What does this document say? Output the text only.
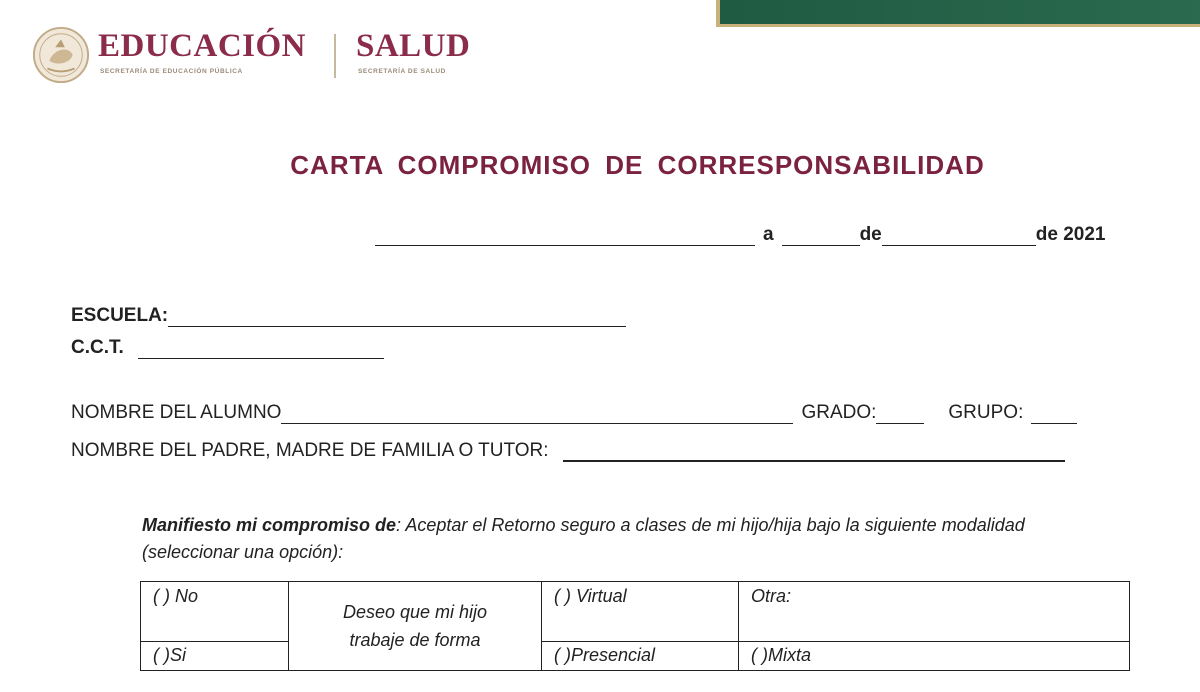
EDUCACIÓN
SECRETARÍA DE EDUCACIÓN PÚBLICA
SALUD
SECRETARÍA DE SALUD
CARTA COMPROMISO DE CORRESPONSABILIDAD
a	de	de 2021
ESCUELA:
C.C.T.
NOMBRE DEL ALUMNO	GRADO:	GRUPO:
NOMBRE DEL PADRE, MADRE DE FAMILIA O TUTOR:
Manifiesto mi compromiso de: Aceptar el Retorno seguro a clases de mi hijo/hija bajo la siguiente modalidad (seleccionar una opción):
( ) No	Deseo que mi hijo trabaje de forma	( ) Virtual	Otra:

( )Si		( )Presencial	( )Mixta
